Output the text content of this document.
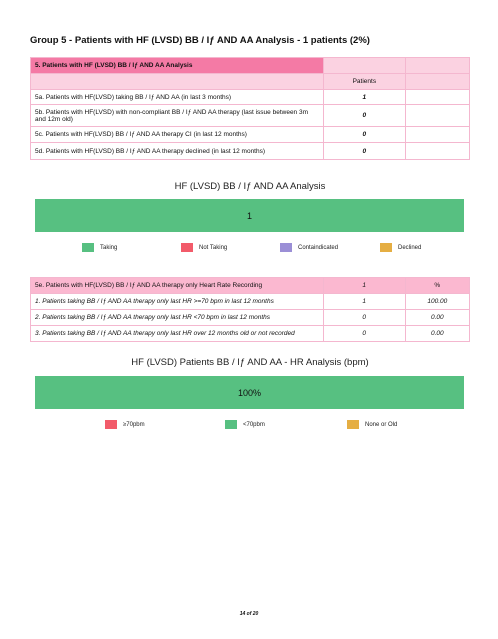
Group 5 - Patients with HF (LVSD) BB / Iƒ AND AA Analysis - 1 patients (2%)
5. Patients with HF (LVSD) BB / Iƒ AND AA Analysis		
	Patients	
5a. Patients with HF(LVSD) taking BB / Iƒ AND AA (in last 3 months)	1	
5b. Patients with HF(LVSD) with non-compliant BB / Iƒ AND AA therapy (last issue between 3m and 12m old)	0	
5c. Patients with HF(LVSD) BB / Iƒ AND AA therapy CI (in last 12 months)	0	
5d. Patients with HF(LVSD) BB / Iƒ AND AA therapy declined (in last 12 months)	0	
HF (LVSD) BB / Iƒ AND AA Analysis
1
Taking	Not Taking	Containdicated	Declined
5e. Patients with HF(LVSD) BB / Iƒ AND AA therapy only Heart Rate Recording	1	%
1. Patients taking BB / Iƒ AND AA therapy only last HR >=70 bpm in last 12 months	1	100.00
2. Patients taking BB / Iƒ AND AA therapy only last HR <70 bpm in last 12 months	0	0.00
3. Patients taking BB / Iƒ AND AA therapy only last HR over 12 months old or not recorded	0	0.00
HF (LVSD) Patients BB / Iƒ AND AA - HR Analysis (bpm)
100%
≥70pbm	<70pbm	None or Old
14 of 20
